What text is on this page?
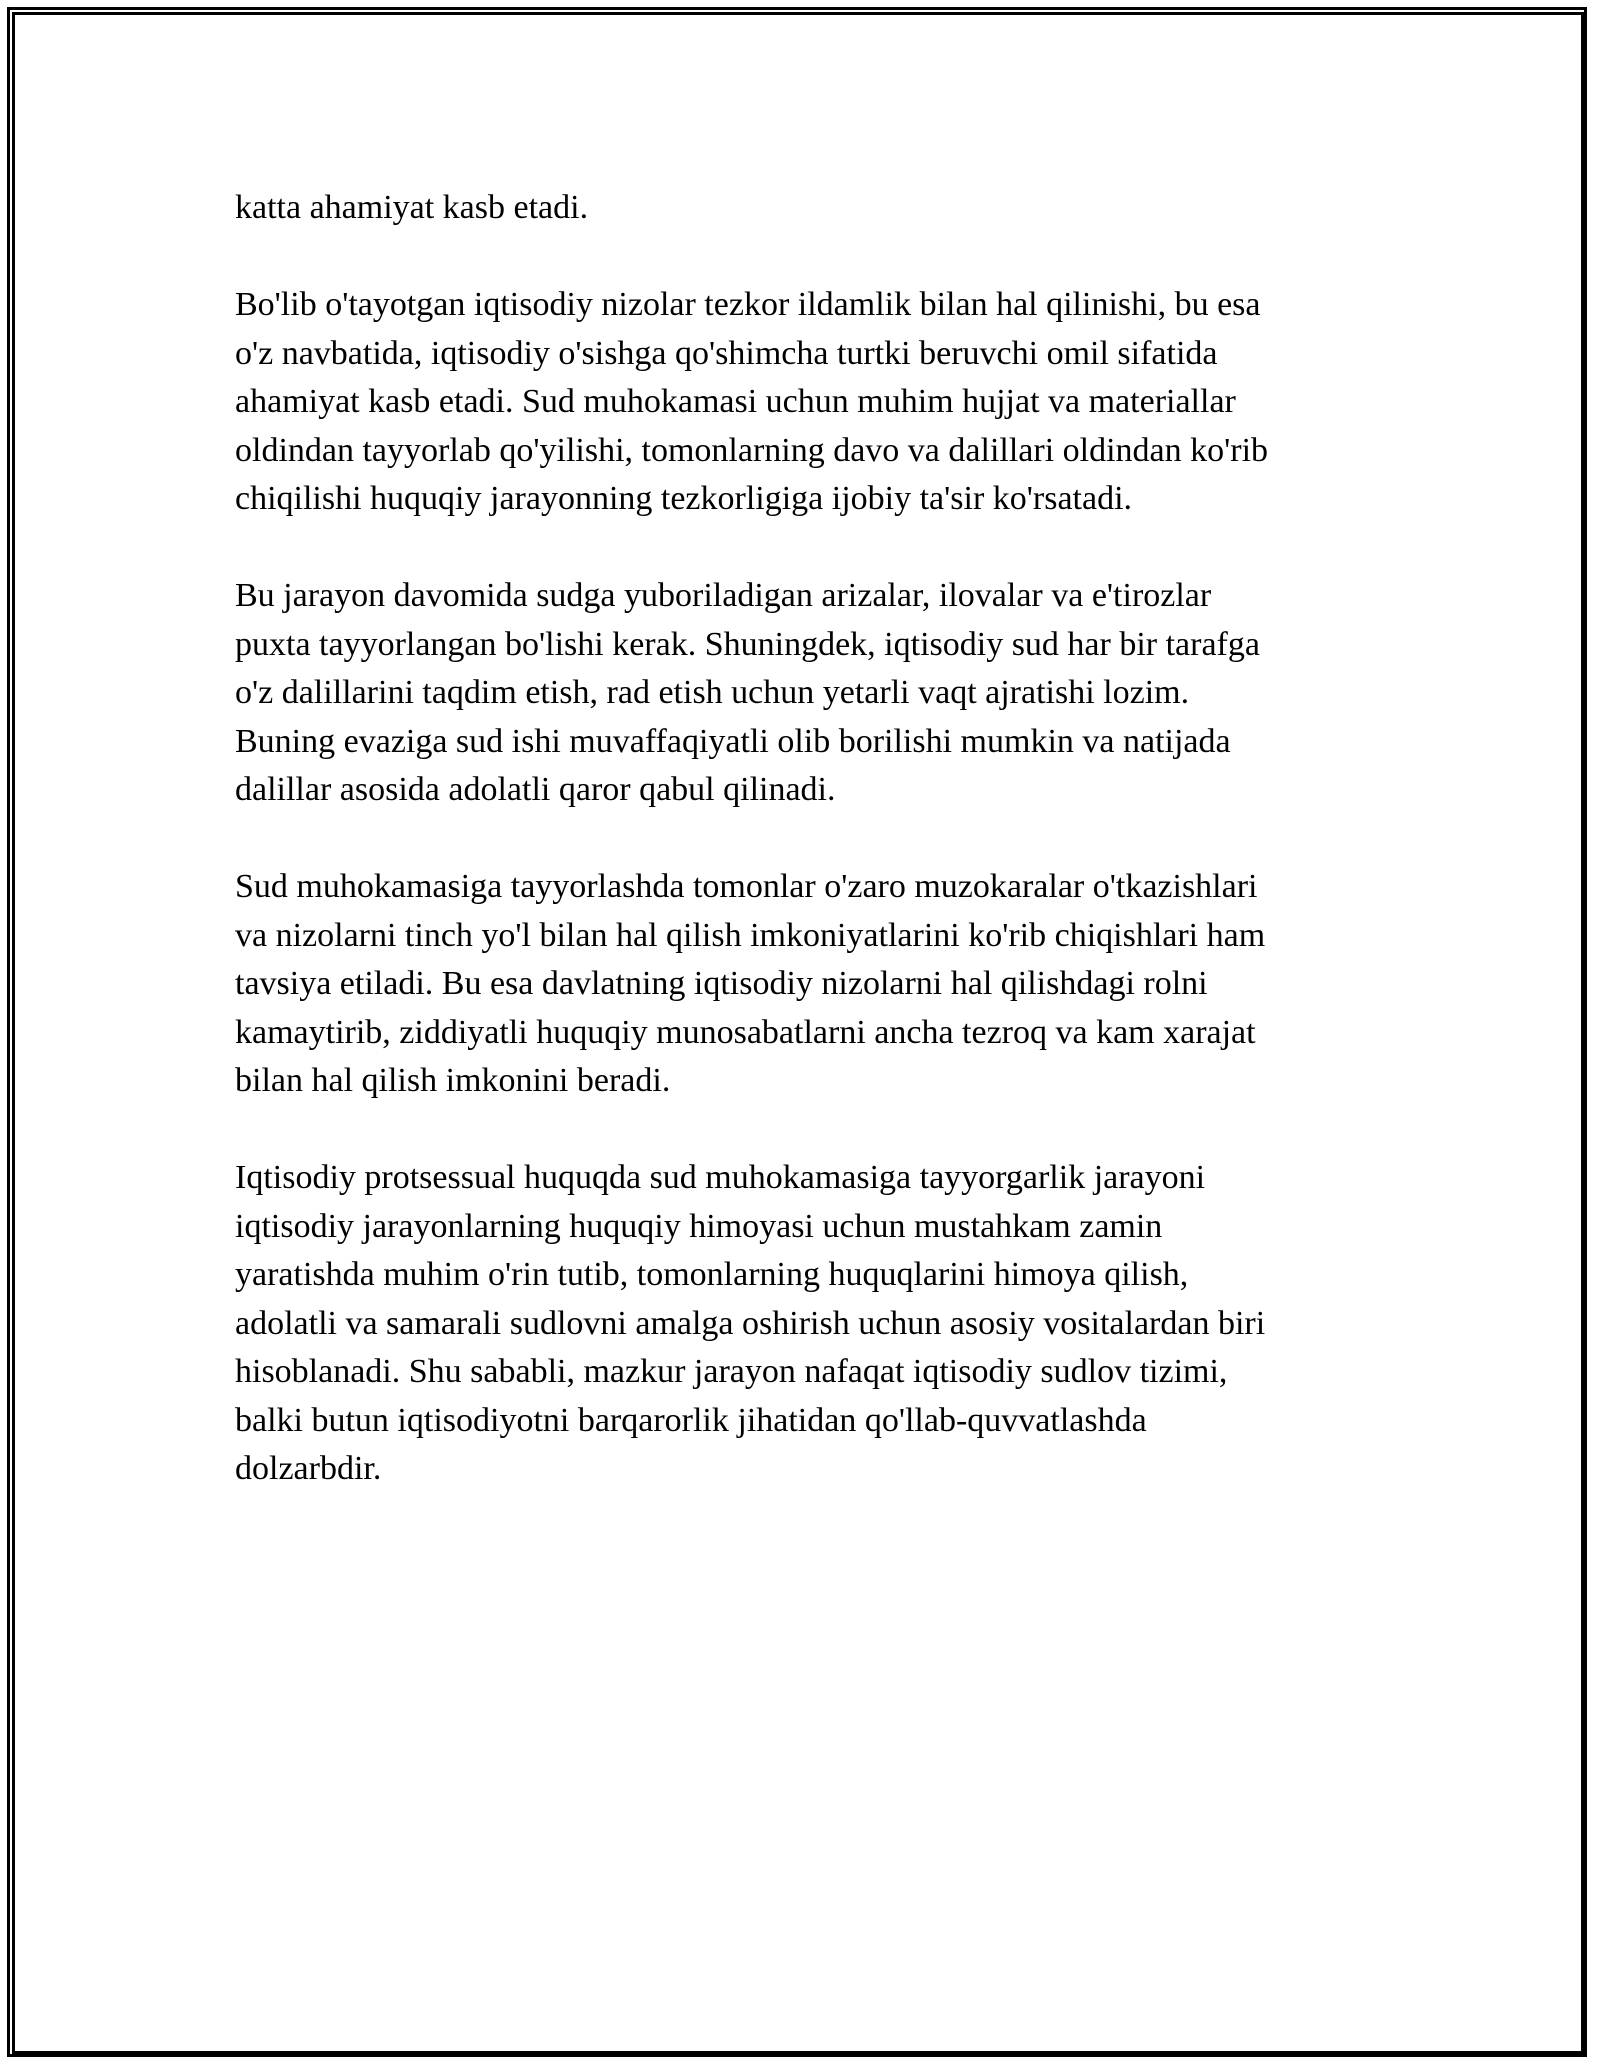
katta ahamiyat kasb etadi.

Bo'lib o'tayotgan iqtisodiy nizolar tezkor ildamlik bilan hal qilinishi, bu esa
o'z navbatida, iqtisodiy o'sishga qo'shimcha turtki beruvchi omil sifatida
ahamiyat kasb etadi. Sud muhokamasi uchun muhim hujjat va materiallar
oldindan tayyorlab qo'yilishi, tomonlarning davo va dalillari oldindan ko'rib
chiqilishi huquqiy jarayonning tezkorligiga ijobiy ta'sir ko'rsatadi.

Bu jarayon davomida sudga yuboriladigan arizalar, ilovalar va e'tirozlar
puxta tayyorlangan bo'lishi kerak. Shuningdek, iqtisodiy sud har bir tarafga
o'z dalillarini taqdim etish, rad etish uchun yetarli vaqt ajratishi lozim.
Buning evaziga sud ishi muvaffaqiyatli olib borilishi mumkin va natijada
dalillar asosida adolatli qaror qabul qilinadi.

Sud muhokamasiga tayyorlashda tomonlar o'zaro muzokaralar o'tkazishlari
va nizolarni tinch yo'l bilan hal qilish imkoniyatlarini ko'rib chiqishlari ham
tavsiya etiladi. Bu esa davlatning iqtisodiy nizolarni hal qilishdagi rolni
kamaytirib, ziddiyatli huquqiy munosabatlarni ancha tezroq va kam xarajat
bilan hal qilish imkonini beradi.

Iqtisodiy protsessual huquqda sud muhokamasiga tayyorgarlik jarayoni
iqtisodiy jarayonlarning huquqiy himoyasi uchun mustahkam zamin
yaratishda muhim o'rin tutib, tomonlarning huquqlarini himoya qilish,
adolatli va samarali sudlovni amalga oshirish uchun asosiy vositalardan biri
hisoblanadi. Shu sababli, mazkur jarayon nafaqat iqtisodiy sudlov tizimi,
balki butun iqtisodiyotni barqarorlik jihatidan qo'llab-quvvatlashda
dolzarbdir.
